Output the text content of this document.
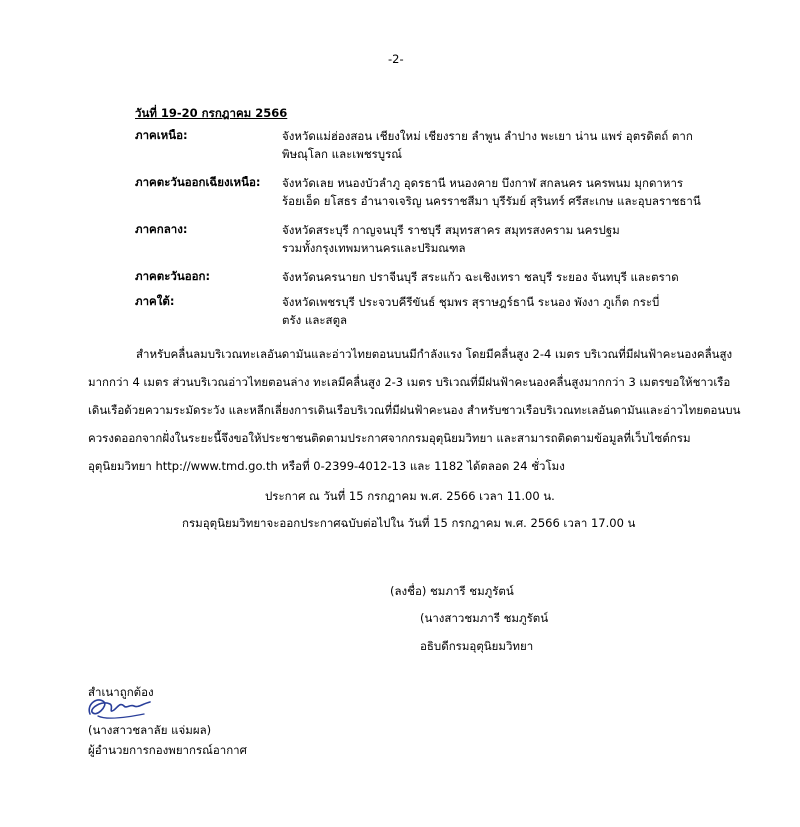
-2-
วันที่ 19-20 กรกฎาคม 2566
ภาคเหนือ:	จังหวัดแม่ฮ่องสอน เชียงใหม่ เชียงราย ลำพูน ลำปาง พะเยา น่าน แพร่ อุตรดิตถ์ ตาก
พิษณุโลก และเพชรบูรณ์
ภาคตะวันออกเฉียงเหนือ: จังหวัดเลย หนองบัวลำภู อุดรธานี หนองคาย บึงกาฬ สกลนคร นครพนม มุกดาหาร
ร้อยเอ็ด ยโสธร อำนาจเจริญ นครราชสีมา บุรีรัมย์ สุรินทร์ ศรีสะเกษ และอุบลราชธานี
ภาคกลาง:	จังหวัดสระบุรี กาญจนบุรี ราชบุรี สมุทรสาคร สมุทรสงคราม นครปฐม
รวมทั้งกรุงเทพมหานครและปริมณฑล
ภาคตะวันออก:	จังหวัดนครนายก ปราจีนบุรี สระแก้ว ฉะเชิงเทรา ชลบุรี ระยอง จันทบุรี และตราด
ภาคใต้:	จังหวัดเพชรบุรี ประจวบคีรีขันธ์ ชุมพร สุราษฎร์ธานี ระนอง พังงา ภูเก็ต กระบี่
ตรัง และสตูล
สำหรับคลื่นลมบริเวณทะเลอันดามันและอ่าวไทยตอนบนมีกำลังแรง โดยมีคลื่นสูง 2-4 เมตร บริเวณที่มีฝนฟ้าคะนองคลื่นสูง
มากกว่า 4 เมตร ส่วนบริเวณอ่าวไทยตอนล่าง ทะเลมีคลื่นสูง 2-3 เมตร บริเวณที่มีฝนฟ้าคะนองคลื่นสูงมากกว่า 3 เมตรขอให้ชาวเรือ
เดินเรือด้วยความระมัดระวัง และหลีกเลี่ยงการเดินเรือบริเวณที่มีฝนฟ้าคะนอง สำหรับชาวเรือบริเวณทะเลอันดามันและอ่าวไทยตอนบน
ควรงดออกจากฝั่งในระยะนี้จึงขอให้ประชาชนติดตามประกาศจากกรมอุตุนิยมวิทยา และสามารถติดตามข้อมูลที่เว็บไซต์กรม
อุตุนิยมวิทยา http://www.tmd.go.th หรือที่ 0-2399-4012-13 และ 1182 ได้ตลอด 24 ชั่วโมง
ประกาศ ณ วันที่ 15 กรกฎาคม พ.ศ. 2566 เวลา 11.00 น.
กรมอุตุนิยมวิทยาจะออกประกาศฉบับต่อไปใน วันที่ 15 กรกฎาคม พ.ศ. 2566 เวลา 17.00 น
(ลงชื่อ) ชมภารี ชมภูรัตน์
(นางสาวชมภารี ชมภูรัตน์
อธิบดีกรมอุตุนิยมวิทยา
สำเนาถูกต้อง
(นางสาวชลาลัย แจ่มผล)
ผู้อำนวยการกองพยากรณ์อากาศ
